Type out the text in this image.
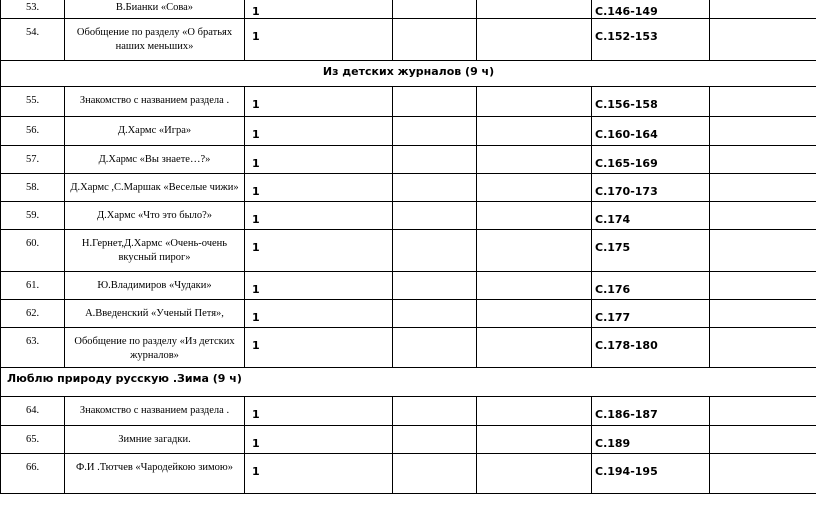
53.	В.Бианки «Сова»	1			С.146-149	
54.	Обобщение по разделу «О братьях наших меньших»	1			С.152-153	
Из детских журналов (9 ч)						
55.	Знакомство с названием раздела .	1			С.156-158	
56.	Д.Хармс «Игра»	1			С.160-164	
57.	Д.Хармс «Вы знаете…?»	1			С.165-169	
58.	Д.Хармс ,С.Маршак «Веселые чижи»	1			С.170-173	
59.	Д.Хармс «Что это было?»	1			С.174	
60.	Н.Гернет,Д.Хармс «Очень-очень вкусный пирог»	1			С.175	
61.	Ю.Владимиров «Чудаки»	1			С.176	
62.	А.Введенский «Ученый Петя»,	1			С.177	
63.	Обобщение по разделу «Из детских журналов»	1			С.178-180	
Люблю природу русскую .Зима (9 ч)						
64.	Знакомство с названием раздела .	1			С.186-187	
65.	Зимние загадки.	1			С.189	
66.	Ф.И .Тютчев «Чародейкою зимою»	1			С.194-195	
